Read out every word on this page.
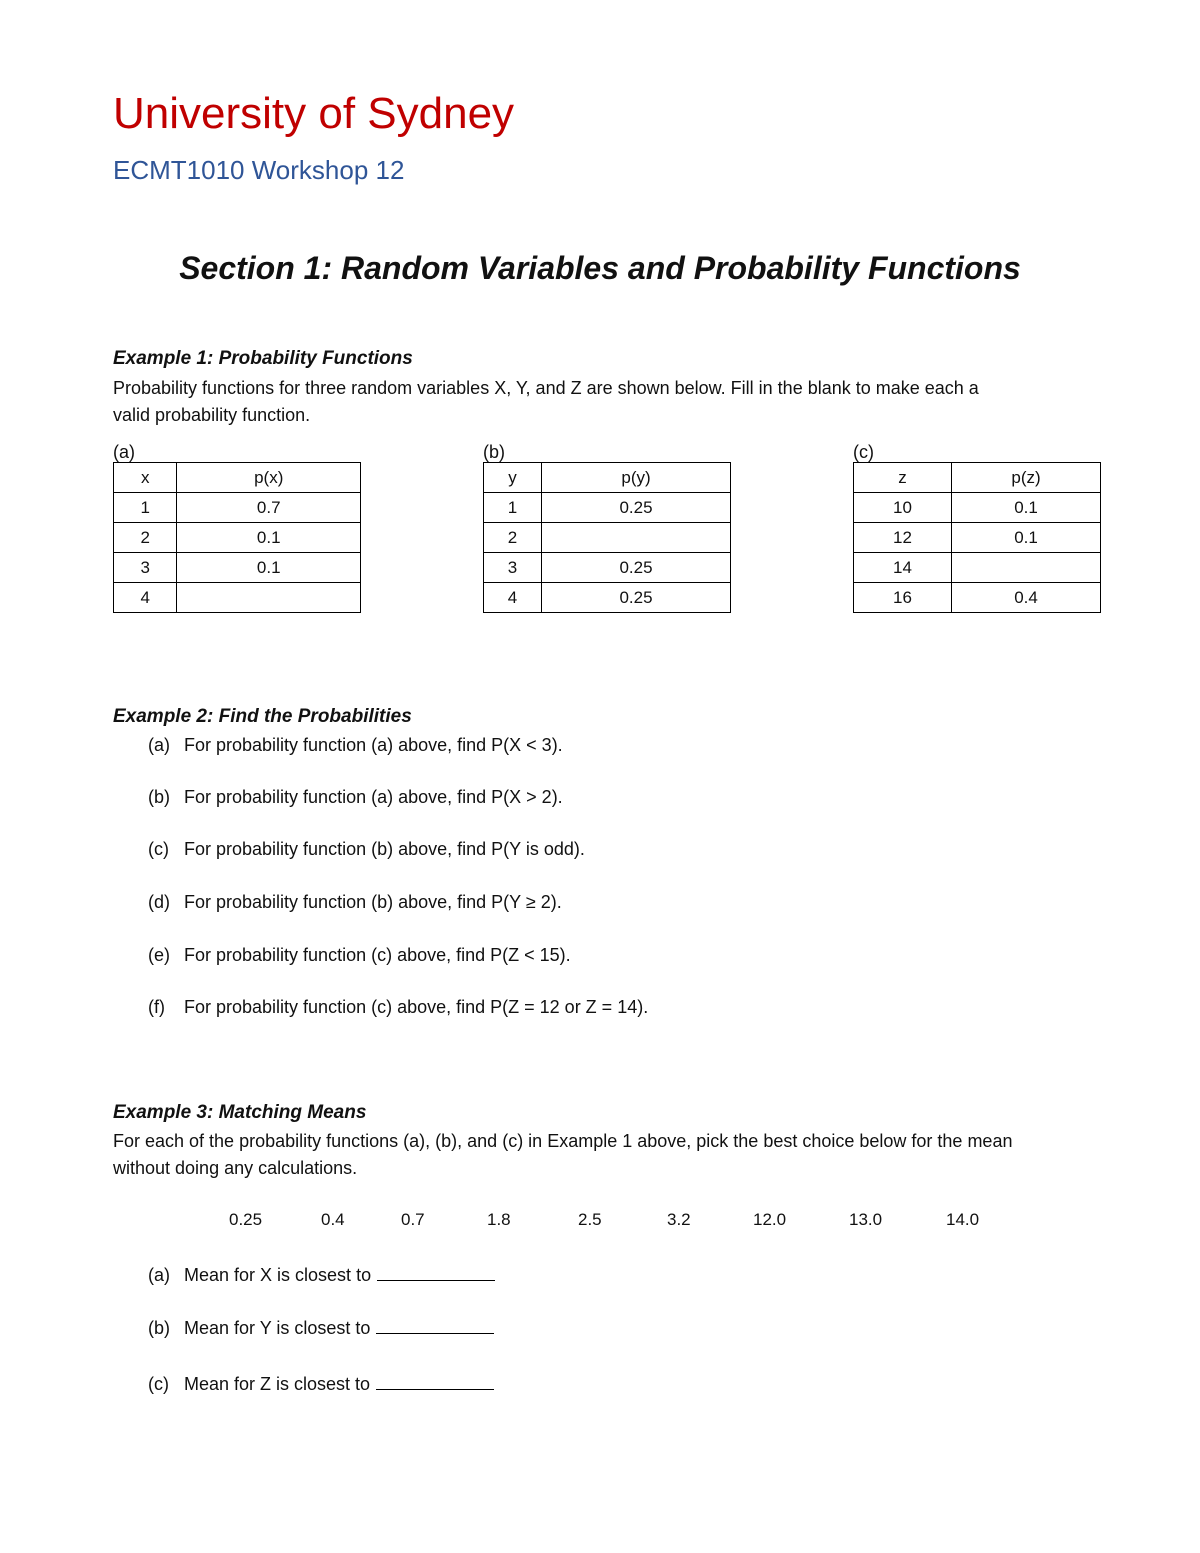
University of Sydney
ECMT1010 Workshop 12
Section 1: Random Variables and Probability Functions
Example 1: Probability Functions
Probability functions for three random variables X, Y, and Z are shown below. Fill in the blank to make each a
valid probability function.
(a)
x	p(x)
1	0.7
2	0.1
3	0.1
4	
(b)
y	p(y)
1	0.25
2	
3	0.25
4	0.25
(c)
z	p(z)
10	0.1
12	0.1
14	
16	0.4
Example 2: Find the Probabilities
(a) For probability function (a) above, find P(X < 3).
(b) For probability function (a) above, find P(X > 2).
(c) For probability function (b) above, find P(Y is odd).
(d) For probability function (b) above, find P(Y ≥ 2).
(e) For probability function (c) above, find P(Z < 15).
(f) For probability function (c) above, find P(Z = 12 or Z = 14).
Example 3: Matching Means
For each of the probability functions (a), (b), and (c) in Example 1 above, pick the best choice below for the mean
without doing any calculations.
0.25	0.4	0.7	1.8	2.5	3.2	12.0	13.0	14.0
(a) Mean for X is closest to
(b) Mean for Y is closest to
(c) Mean for Z is closest to
